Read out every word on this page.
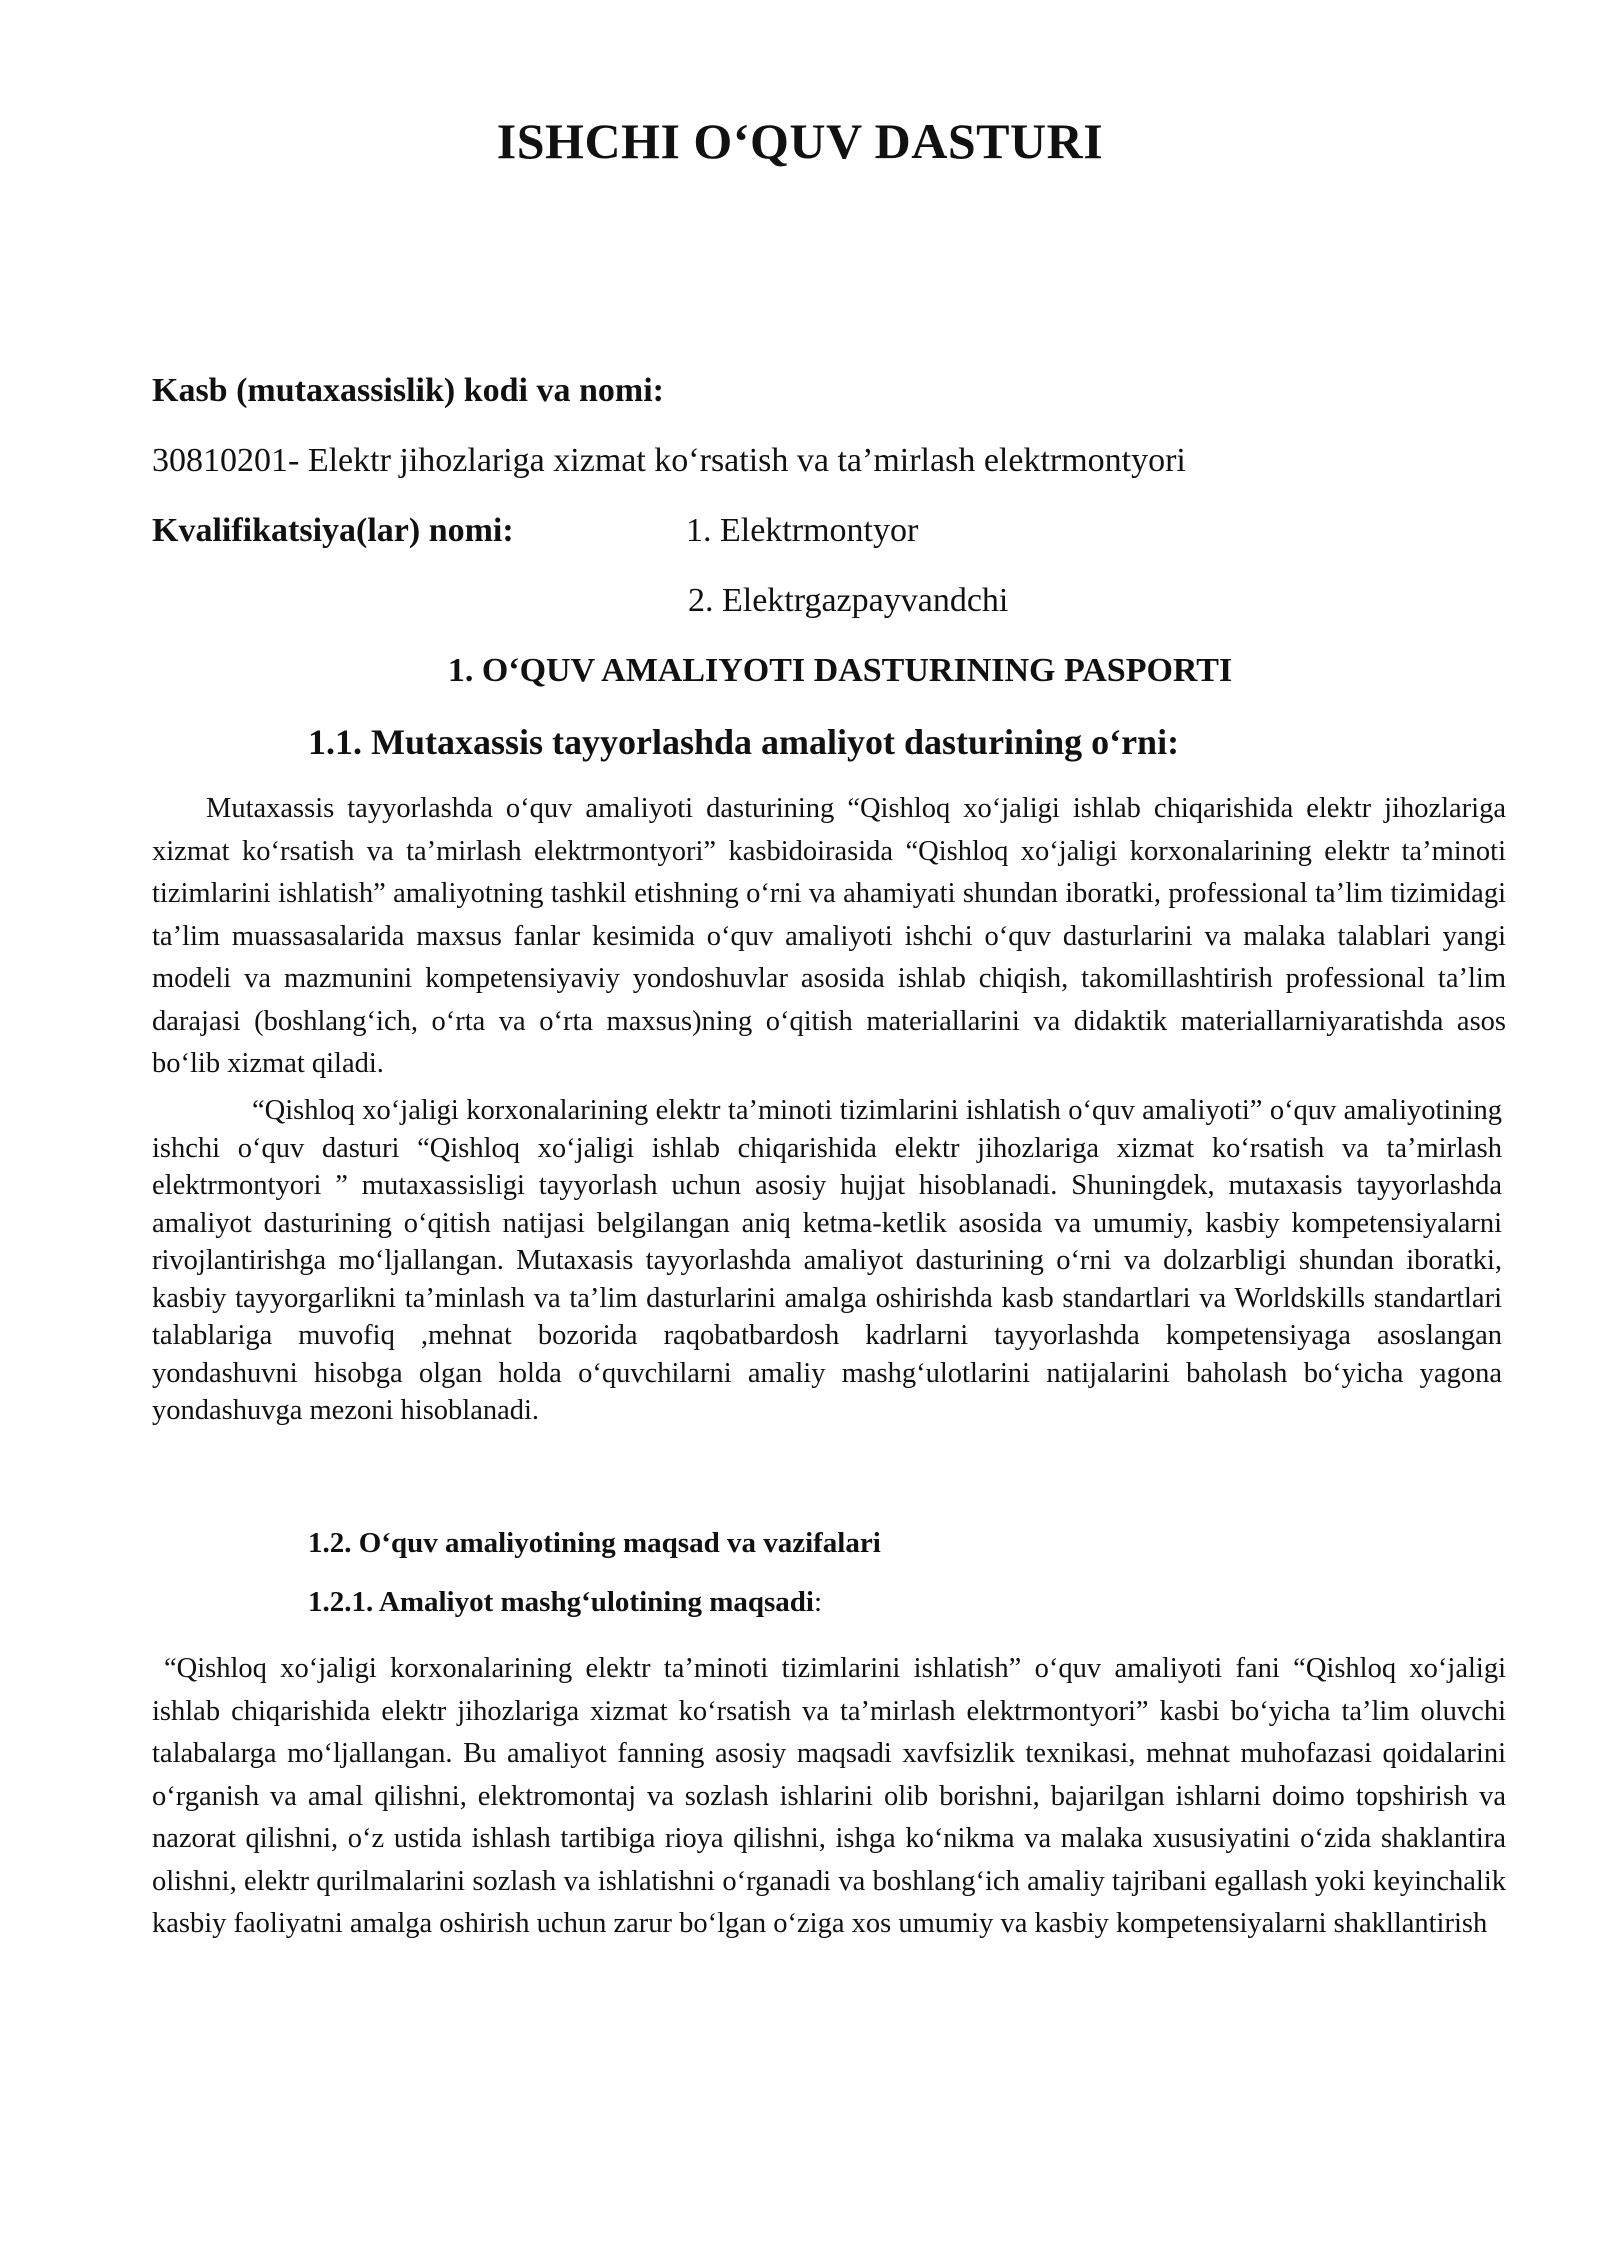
ISHCHI O‘QUV DASTURI
Kasb (mutaxassislik) kodi va nomi:
30810201- Elektr jihozlariga xizmat ko‘rsatish va ta’mirlash elektrmontyori
Kvalifikatsiya(lar) nomi:	1. Elektrmontyor
2. Elektrgazpayvandchi
1. O‘QUV AMALIYOTI DASTURINING PASPORTI
1.1. Mutaxassis tayyorlashda amaliyot dasturining o‘rni:

Mutaxassis tayyorlashda o‘quv amaliyoti dasturining “Qishloq xo‘jaligi ishlab chiqarishida elektr jihozlariga xizmat ko‘rsatish va ta’mirlash elektrmontyori” kasbidoirasida “Qishloq xo‘jaligi korxonalarining elektr ta’minoti tizimlarini ishlatish” amaliyotning tashkil etishning o‘rni va ahamiyati shundan iboratki, professional ta’lim tizimidagi ta’lim muassasalarida maxsus fanlar kesimida o‘quv amaliyoti ishchi o‘quv dasturlarini va malaka talablari yangi modeli va mazmunini kompetensiyaviy yondoshuvlar asosida ishlab chiqish, takomillashtirish professional ta’lim darajasi (boshlang‘ich, o‘rta va o‘rta maxsus)ning o‘qitish materiallarini va didaktik materiallarniyaratishda asos bo‘lib xizmat qiladi.

“Qishloq xo‘jaligi korxonalarining elektr ta’minoti tizimlarini ishlatish o‘quv amaliyoti” o‘quv amaliyotining ishchi o‘quv dasturi “Qishloq xo‘jaligi ishlab chiqarishida elektr jihozlariga xizmat ko‘rsatish va ta’mirlash elektrmontyori ” mutaxassisligi tayyorlash uchun asosiy hujjat hisoblanadi. Shuningdek, mutaxasis tayyorlashda amaliyot dasturining o‘qitish natijasi belgilangan aniq ketma-ketlik asosida va umumiy, kasbiy kompetensiyalarni rivojlantirishga mo‘ljallangan. Mutaxasis tayyorlashda amaliyot dasturining o‘rni va dolzarbligi shundan iboratki, kasbiy tayyorgarlikni ta’minlash va ta’lim dasturlarini amalga oshirishda kasb standartlari va Worldskills standartlari talablariga muvofiq ,mehnat bozorida raqobatbardosh kadrlarni tayyorlashda kompetensiyaga asoslangan yondashuvni hisobga olgan holda o‘quvchilarni amaliy mashg‘ulotlarini natijalarini baholash bo‘yicha yagona yondashuvga mezoni hisoblanadi.

1.2. O‘quv amaliyotining maqsad va vazifalari
1.2.1. Amaliyot mashg‘ulotining maqsadi:

“Qishloq xo‘jaligi korxonalarining elektr ta’minoti tizimlarini ishlatish” o‘quv amaliyoti fani “Qishloq xo‘jaligi ishlab chiqarishida elektr jihozlariga xizmat ko‘rsatish va ta’mirlash elektrmontyori” kasbi bo‘yicha ta’lim oluvchi talabalarga mo‘ljallangan. Bu amaliyot fanning asosiy maqsadi xavfsizlik texnikasi, mehnat muhofazasi qoidalarini o‘rganish va amal qilishni, elektromontaj va sozlash ishlarini olib borishni, bajarilgan ishlarni doimo topshirish va nazorat qilishni, o‘z ustida ishlash tartibiga rioya qilishni, ishga ko‘nikma va malaka xususiyatini o‘zida shaklantira olishni, elektr qurilmalarini sozlash va ishlatishni o‘rganadi va boshlang‘ich amaliy tajribani egallash yoki keyinchalik kasbiy faoliyatni amalga oshirish uchun zarur bo‘lgan o‘ziga xos umumiy va kasbiy kompetensiyalarni shakllantirish
